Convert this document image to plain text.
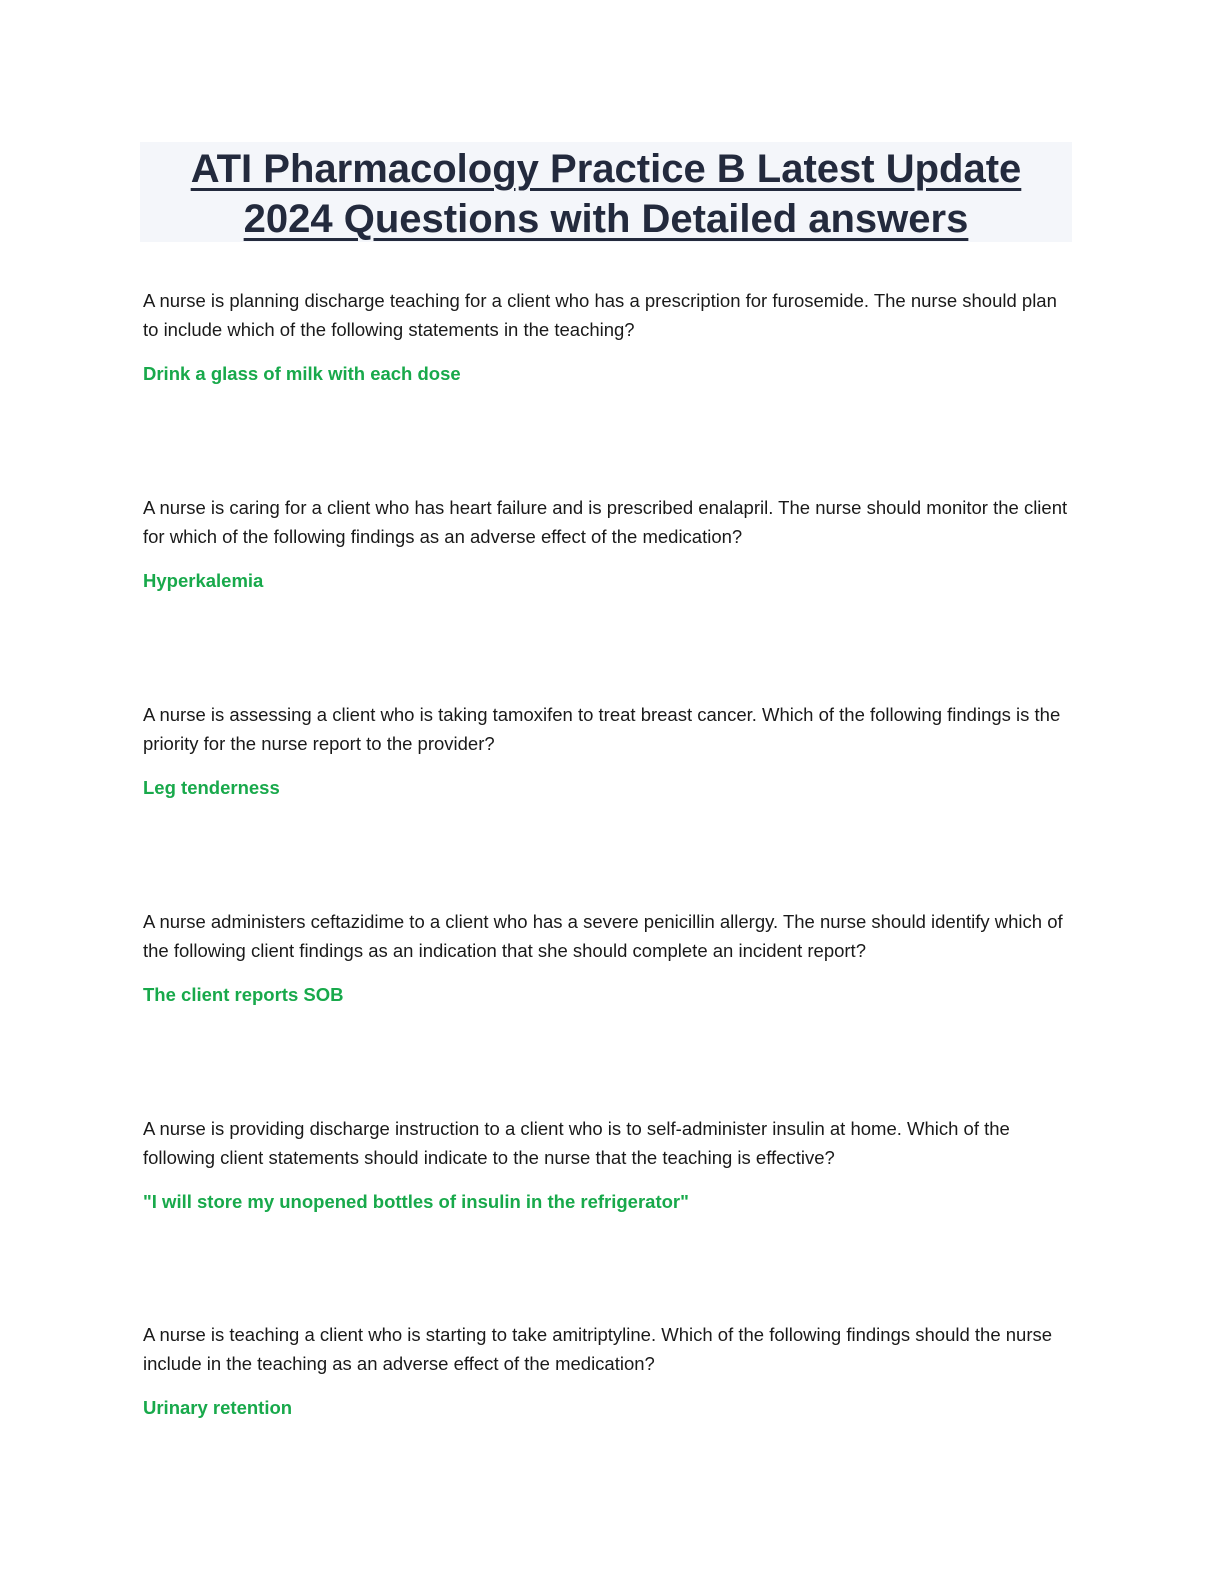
ATI Pharmacology Practice B Latest Update
2024 Questions with Detailed answers

A nurse is planning discharge teaching for a client who has a prescription for furosemide. The nurse should plan to include which of the following statements in the teaching?

Drink a glass of milk with each dose

A nurse is caring for a client who has heart failure and is prescribed enalapril. The nurse should monitor the client for which of the following findings as an adverse effect of the medication?

Hyperkalemia

A nurse is assessing a client who is taking tamoxifen to treat breast cancer. Which of the following findings is the priority for the nurse report to the provider?

Leg tenderness

A nurse administers ceftazidime to a client who has a severe penicillin allergy. The nurse should identify which of the following client findings as an indication that she should complete an incident report?

The client reports SOB

A nurse is providing discharge instruction to a client who is to self-administer insulin at home. Which of the following client statements should indicate to the nurse that the teaching is effective?

"I will store my unopened bottles of insulin in the refrigerator"

A nurse is teaching a client who is starting to take amitriptyline. Which of the following findings should the nurse include in the teaching as an adverse effect of the medication?

Urinary retention
